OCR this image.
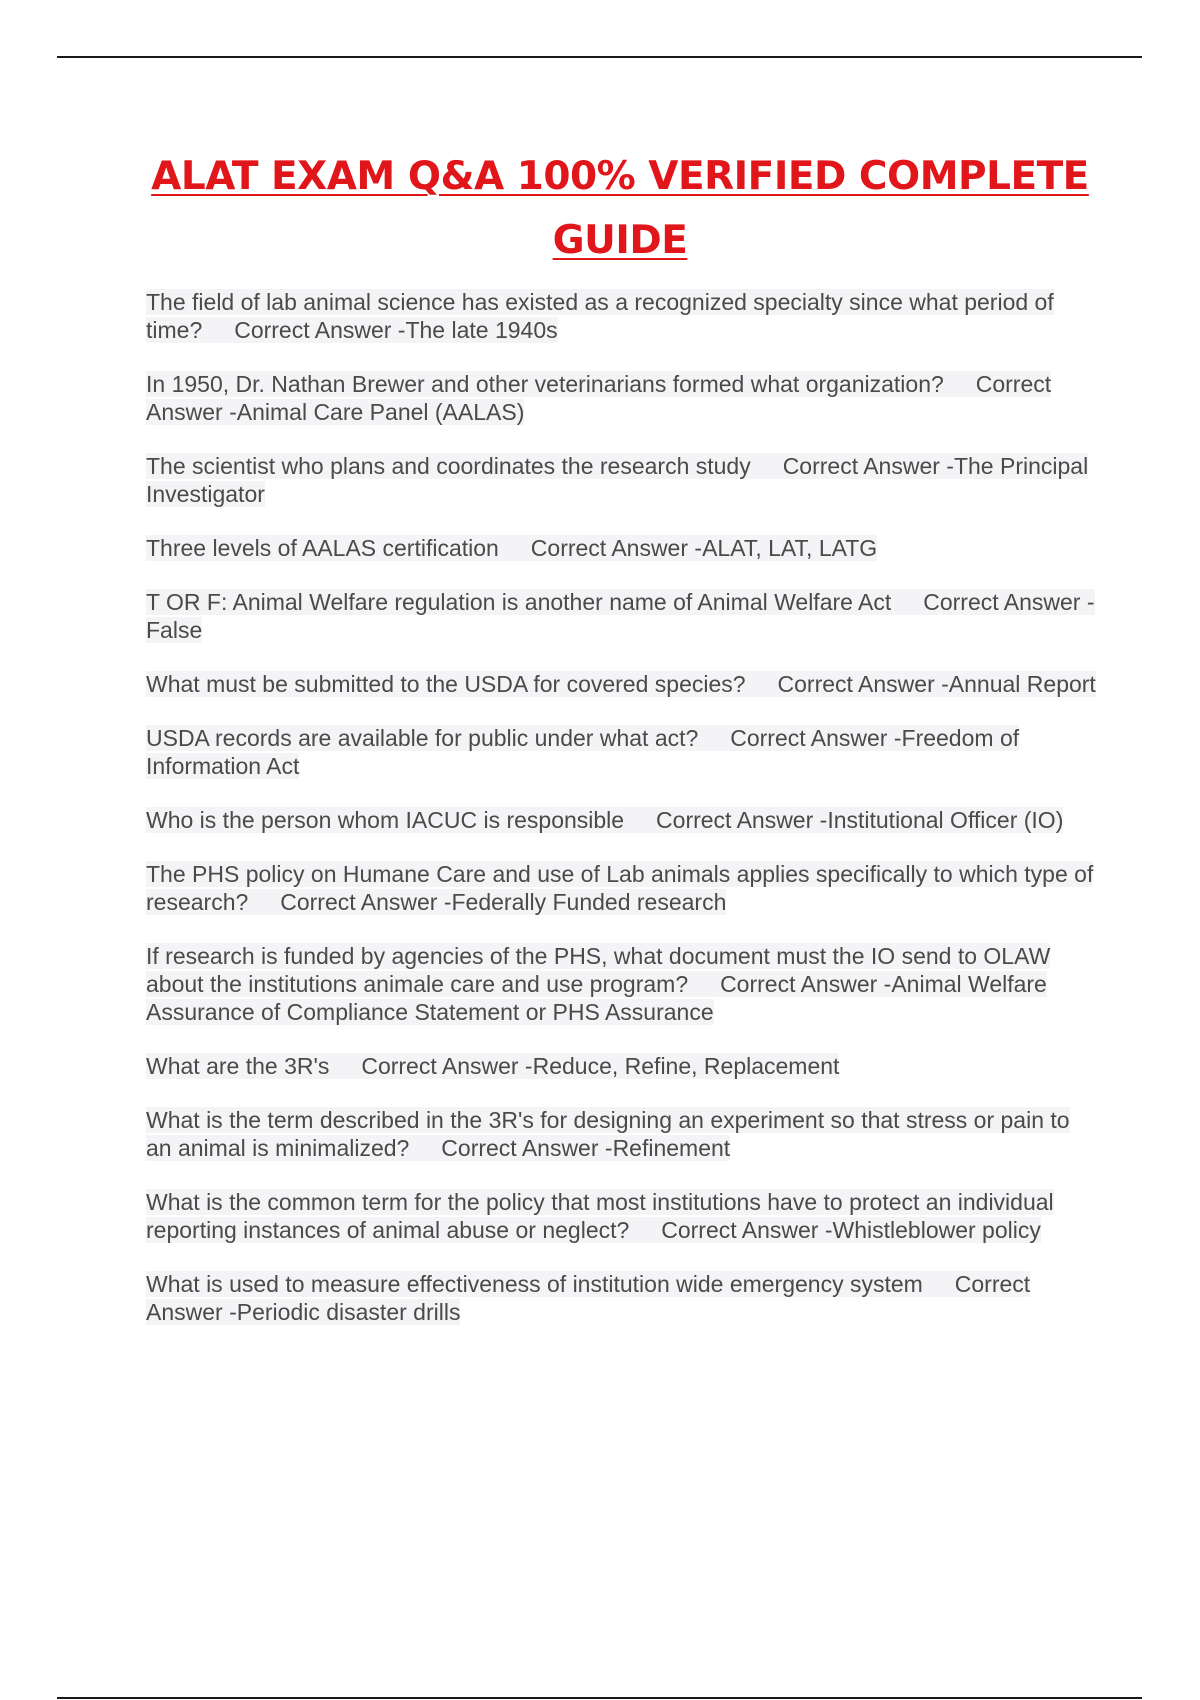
ALAT EXAM Q&A 100% VERIFIED COMPLETE
GUIDE
The field of lab animal science has existed as a recognized specialty since what period of time? Correct Answer -The late 1940s
In 1950, Dr. Nathan Brewer and other veterinarians formed what organization? Correct Answer -Animal Care Panel (AALAS)
The scientist who plans and coordinates the research study Correct Answer -The Principal Investigator
Three levels of AALAS certification Correct Answer -ALAT, LAT, LATG
T OR F: Animal Welfare regulation is another name of Animal Welfare Act Correct Answer -False
What must be submitted to the USDA for covered species? Correct Answer -Annual Report
USDA records are available for public under what act? Correct Answer -Freedom of Information Act
Who is the person whom IACUC is responsible Correct Answer -Institutional Officer (IO)
The PHS policy on Humane Care and use of Lab animals applies specifically to which type of research? Correct Answer -Federally Funded research
If research is funded by agencies of the PHS, what document must the IO send to OLAW about the institutions animale care and use program? Correct Answer -Animal Welfare Assurance of Compliance Statement or PHS Assurance
What are the 3R's Correct Answer -Reduce, Refine, Replacement
What is the term described in the 3R's for designing an experiment so that stress or pain to an animal is minimalized? Correct Answer -Refinement
What is the common term for the policy that most institutions have to protect an individual reporting instances of animal abuse or neglect? Correct Answer -Whistleblower policy
What is used to measure effectiveness of institution wide emergency system Correct Answer -Periodic disaster drills
